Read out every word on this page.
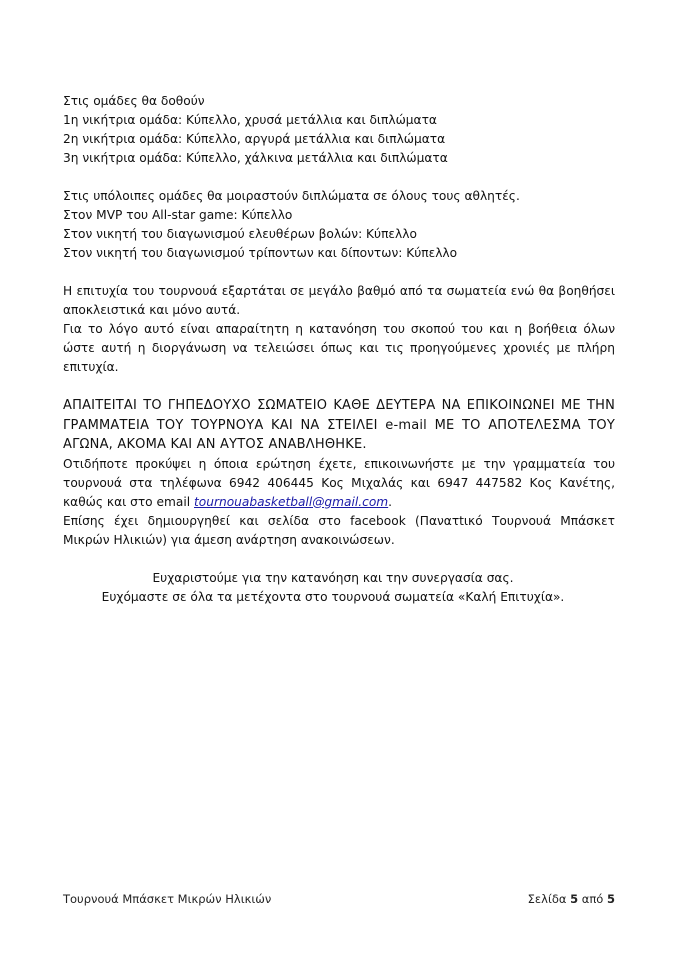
Στις ομάδες θα δοθούν
1η νικήτρια ομάδα: Κύπελλο, χρυσά μετάλλια και διπλώματα
2η νικήτρια ομάδα: Κύπελλο, αργυρά μετάλλια και διπλώματα
3η νικήτρια ομάδα: Κύπελλο, χάλκινα μετάλλια και διπλώματα

Στις υπόλοιπες ομάδες θα μοιραστούν διπλώματα σε όλους τους αθλητές.

Στον MVP του All-star game: Κύπελλο
Στον νικητή του διαγωνισμού ελευθέρων βολών: Κύπελλο
Στον νικητή του διαγωνισμού τρίποντων και δίποντων: Κύπελλο

Η επιτυχία του τουρνουά εξαρτάται σε μεγάλο βαθμό από τα σωματεία ενώ θα βοηθήσει αποκλειστικά και μόνο αυτά.

Για το λόγο αυτό είναι απαραίτητη η κατανόηση του σκοπού του και η βοήθεια όλων ώστε αυτή η διοργάνωση να τελειώσει όπως και τις προηγούμενες χρονιές με πλήρη επιτυχία.

ΑΠΑΙΤΕΙΤΑΙ ΤΟ ΓΗΠΕΔΟΥΧΟ ΣΩΜΑΤΕΙΟ ΚΑΘΕ ΔΕΥΤΕΡΑ ΝΑ ΕΠΙΚΟΙΝΩΝΕΙ ΜΕ ΤΗΝ ΓΡΑΜΜΑΤΕΙΑ ΤΟΥ ΤΟΥΡΝΟΥΑ ΚΑΙ ΝΑ ΣΤΕΙΛΕΙ e-mail ΜΕ ΤΟ ΑΠΟΤΕΛΕΣΜΑ ΤΟΥ ΑΓΩΝΑ, ΑΚΟΜΑ ΚΑΙ ΑΝ ΑΥΤΟΣ ΑΝΑΒΛΗΘΗΚΕ.

Οτιδήποτε προκύψει η όποια ερώτηση έχετε, επικοινωνήστε με την γραμματεία του τουρνουά στα τηλέφωνα 6942 406445 Κος Μιχαλάς και 6947 447582 Κος Κανέτης, καθώς και στο email tournouabasketball@gmail.com.

Επίσης έχει δημιουργηθεί και σελίδα στο facebook (Πανατtικό Τουρνουά Μπάσκετ Μικρών Ηλικιών) για άμεση ανάρτηση ανακοινώσεων.

Ευχαριστούμε για την κατανόηση και την συνεργασία σας.
Ευχόμαστε σε όλα τα μετέχοντα στο τουρνουά σωματεία «Καλή Επιτυχία».
Τουρνουά Μπάσκετ Μικρών Ηλικιών	Σελίδα 5 από 5
